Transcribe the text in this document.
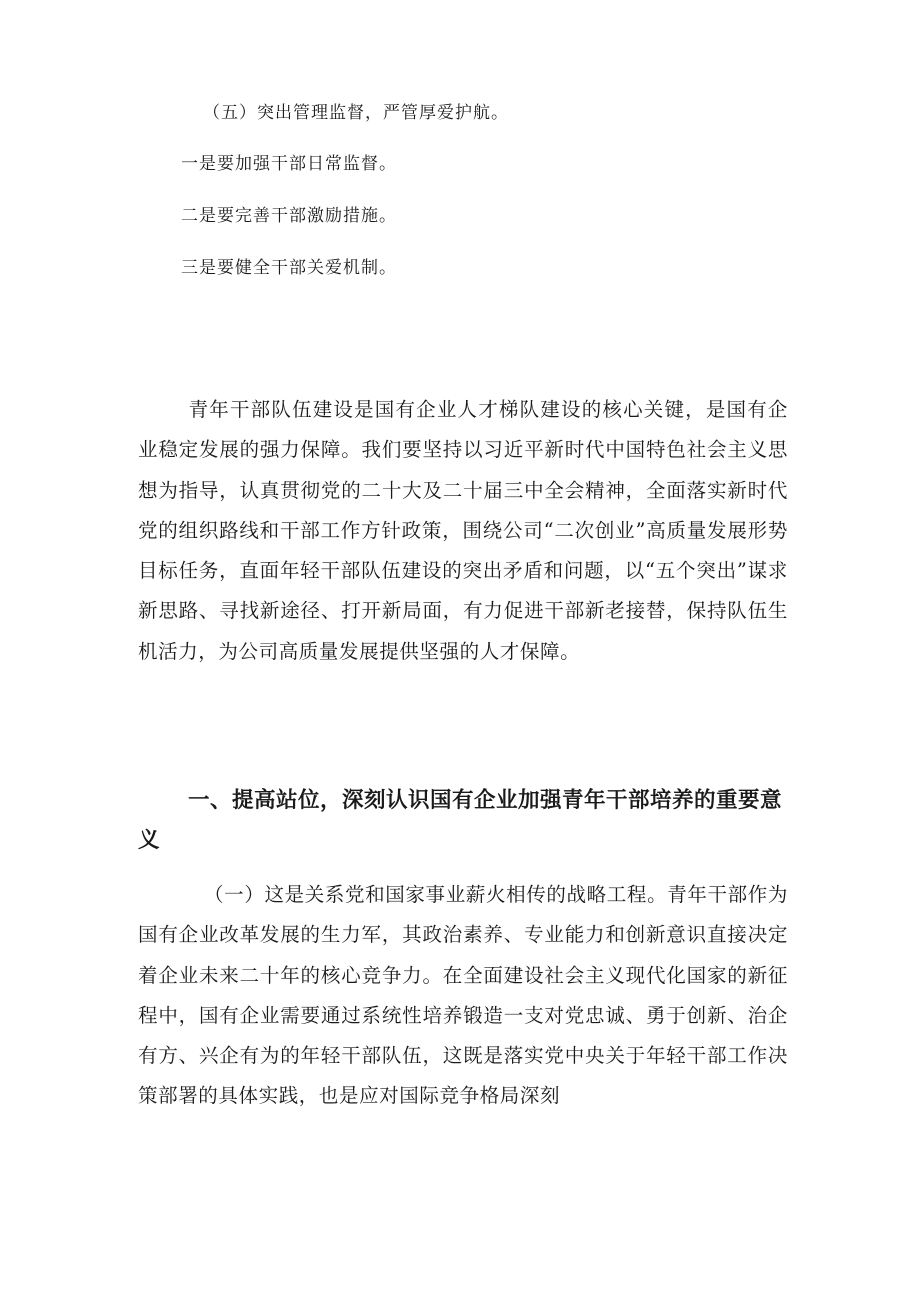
（五）突出管理监督，严管厚爱护航。
一是要加强干部日常监督。
二是要完善干部激励措施。
三是要健全干部关爱机制。

青年干部队伍建设是国有企业人才梯队建设的核心关键，是国有企业稳定发展的强力保障。我们要坚持以习近平新时代中国特色社会主义思想为指导，认真贯彻党的二十大及二十届三中全会精神，全面落实新时代党的组织路线和干部工作方针政策，围绕公司“二次创业”高质量发展形势目标任务，直面年轻干部队伍建设的突出矛盾和问题，以“五个突出”谋求新思路、寻找新途径、打开新局面，有力促进干部新老接替，保持队伍生机活力，为公司高质量发展提供坚强的人才保障。

一、提高站位，深刻认识国有企业加强青年干部培养的重要意义

（一）这是关系党和国家事业薪火相传的战略工程。青年干部作为国有企业改革发展的生力军，其政治素养、专业能力和创新意识直接决定着企业未来二十年的核心竞争力。在全面建设社会主义现代化国家的新征程中，国有企业需要通过系统性培养锻造一支对党忠诚、勇于创新、治企有方、兴企有为的年轻干部队伍，这既是落实党中央关于年轻干部工作决策部署的具体实践，也是应对国际竞争格局深刻
